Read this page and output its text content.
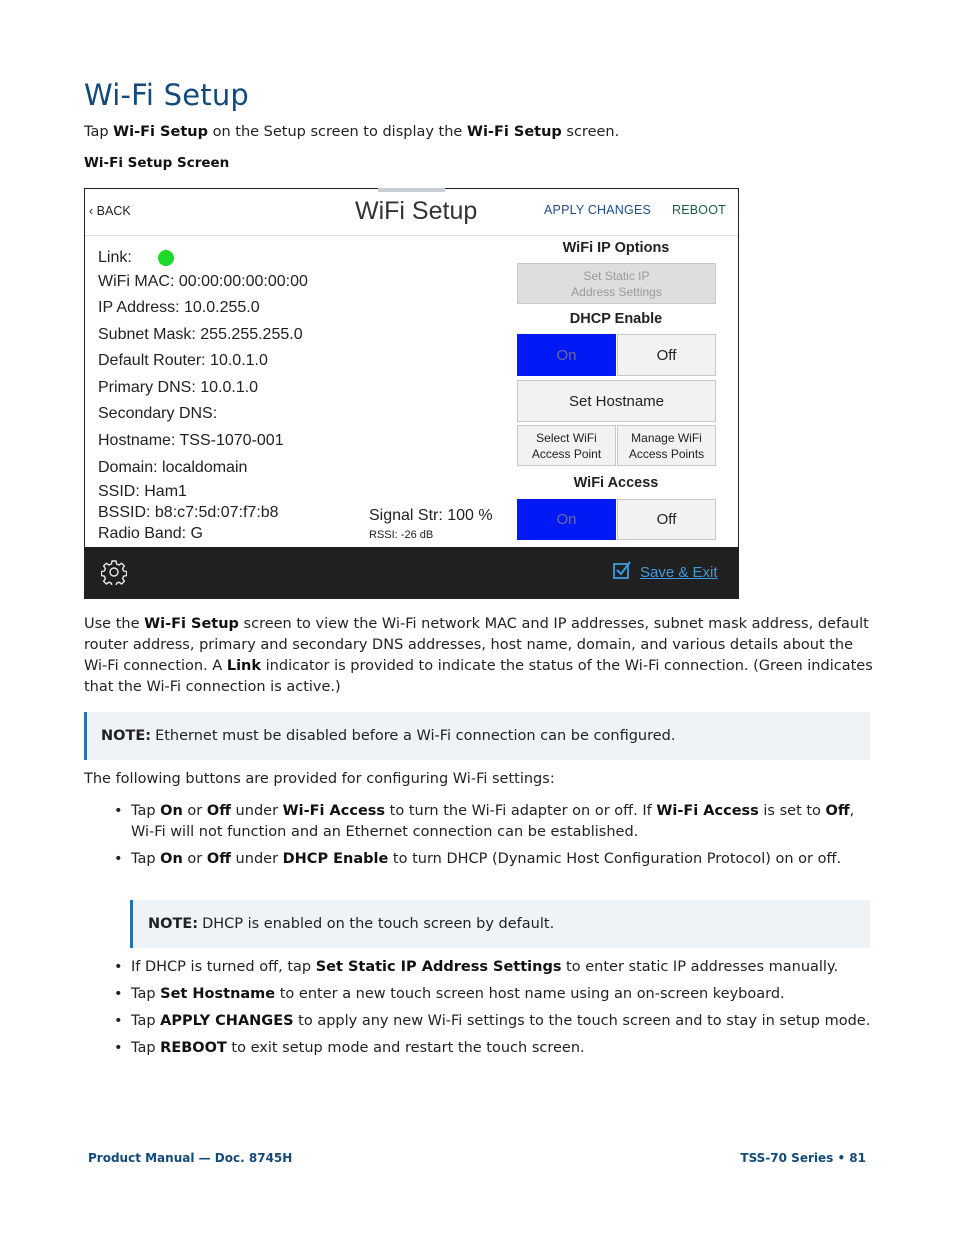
Wi-Fi Setup
Tap Wi-Fi Setup on the Setup screen to display the Wi-Fi Setup screen.
Wi-Fi Setup Screen
‹ BACK	WiFi Setup	APPLY CHANGES REBOOT
Link:
WiFi MAC: 00:00:00:00:00:00
IP Address: 10.0.255.0
Subnet Mask: 255.255.255.0
Default Router: 10.0.1.0
Primary DNS: 10.0.1.0
Secondary DNS:
Hostname: TSS-1070-001
Domain: localdomain
SSID: Ham1
BSSID: b8:c7:5d:07:f7:b8
Radio Band: G
Signal Str: 100 %
RSSI: -26 dB
WiFi IP Options
Set Static IP
Address Settings
DHCP Enable
On	Off
Set Hostname
Select WiFi
Access Point
Manage WiFi
Access Points
WiFi Access
On	Off
Save & Exit
Use the Wi-Fi Setup screen to view the Wi-Fi network MAC and IP addresses, subnet mask address, default router address, primary and secondary DNS addresses, host name, domain, and various details about the Wi-Fi connection. A Link indicator is provided to indicate the status of the Wi-Fi connection. (Green indicates that the Wi-Fi connection is active.)
NOTE: Ethernet must be disabled before a Wi-Fi connection can be configured.
The following buttons are provided for configuring Wi-Fi settings:
• Tap On or Off under Wi-Fi Access to turn the Wi-Fi adapter on or off. If Wi-Fi Access is set to Off, Wi-Fi will not function and an Ethernet connection can be established.
• Tap On or Off under DHCP Enable to turn DHCP (Dynamic Host Configuration Protocol) on or off.
NOTE: DHCP is enabled on the touch screen by default.
• If DHCP is turned off, tap Set Static IP Address Settings to enter static IP addresses manually.
• Tap Set Hostname to enter a new touch screen host name using an on-screen keyboard.
• Tap APPLY CHANGES to apply any new Wi-Fi settings to the touch screen and to stay in setup mode.
• Tap REBOOT to exit setup mode and restart the touch screen.
Product Manual — Doc. 8745H	TSS-70 Series • 81
